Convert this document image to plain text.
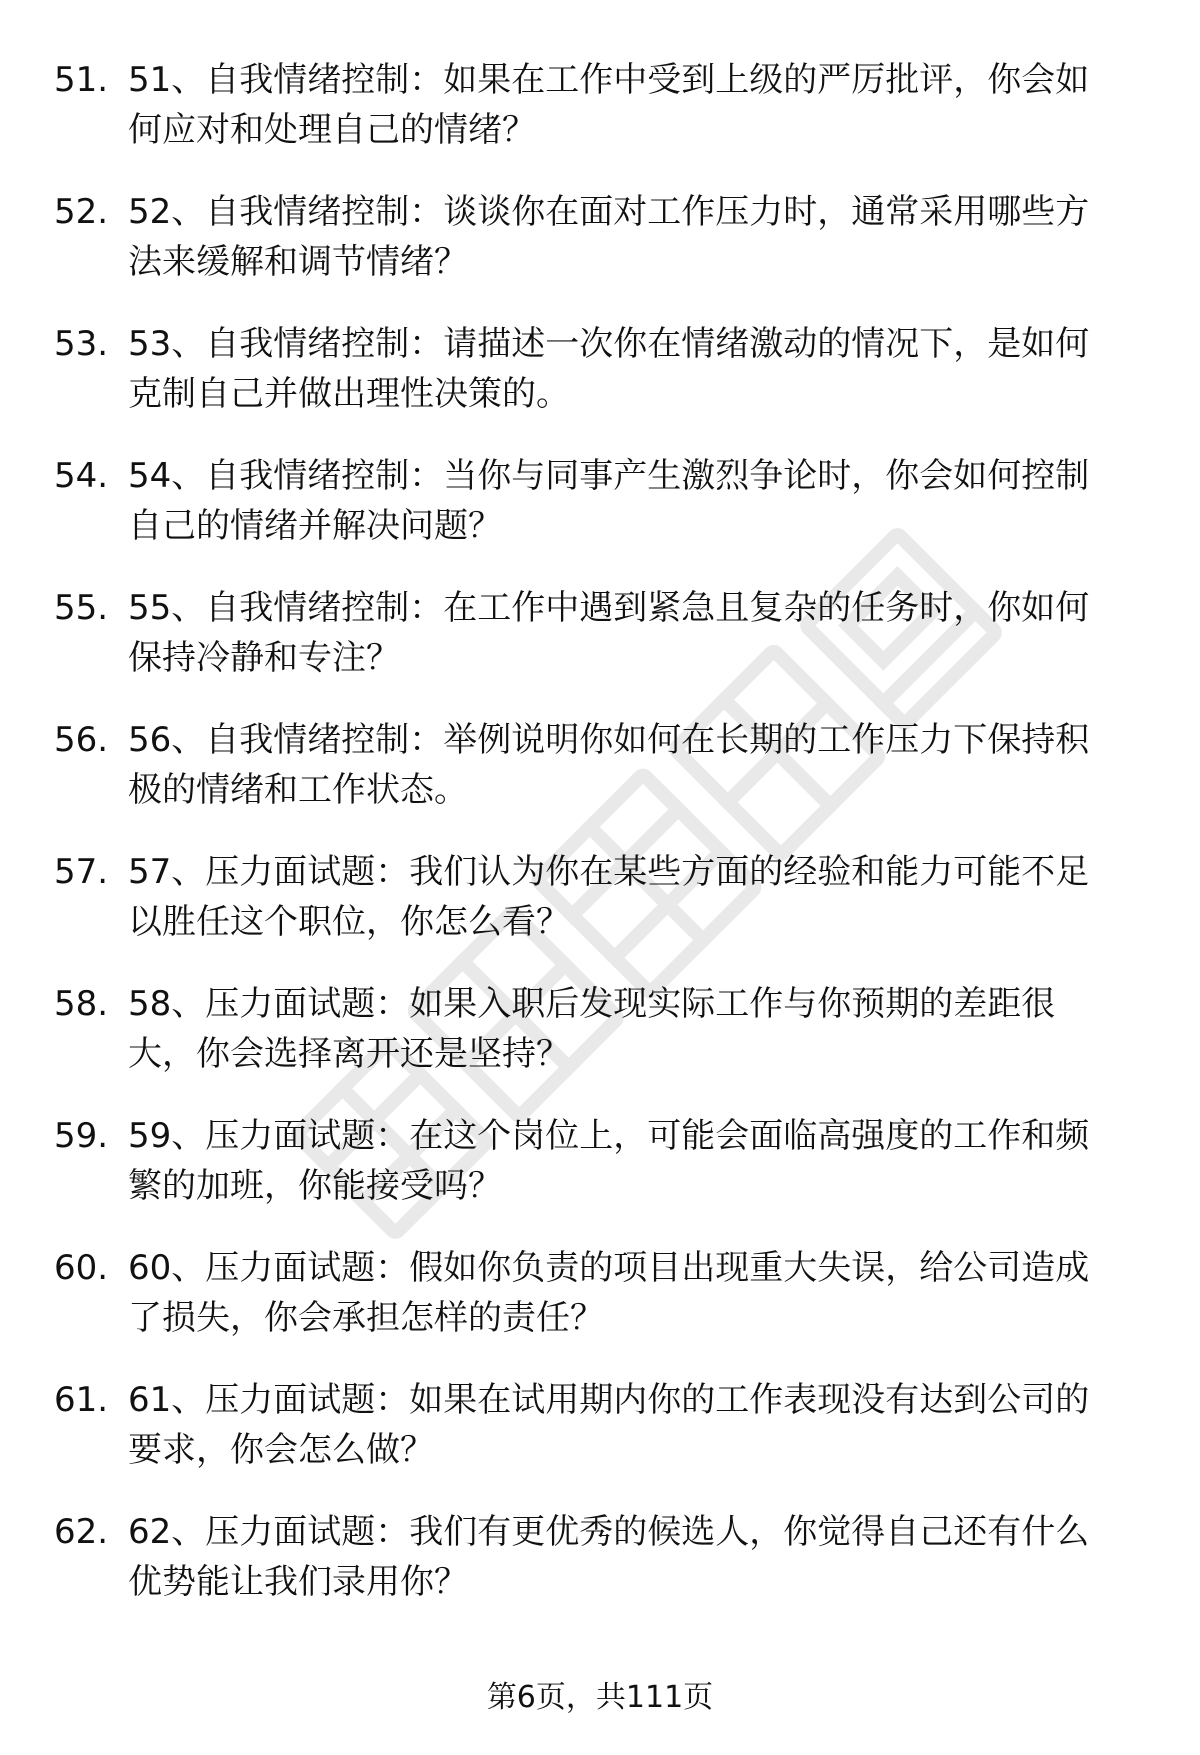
51. 51、自我情绪控制：如果在工作中受到上级的严厉批评，你会如
何应对和处理自己的情绪？

52. 52、自我情绪控制：谈谈你在面对工作压力时，通常采用哪些方
法来缓解和调节情绪？

53. 53、自我情绪控制：请描述一次你在情绪激动的情况下，是如何
克制自己并做出理性决策的。

54. 54、自我情绪控制：当你与同事产生激烈争论时，你会如何控制
自己的情绪并解决问题？

55. 55、自我情绪控制：在工作中遇到紧急且复杂的任务时，你如何
保持冷静和专注？

56. 56、自我情绪控制：举例说明你如何在长期的工作压力下保持积
极的情绪和工作状态。

57. 57、压力面试题：我们认为你在某些方面的经验和能力可能不足
以胜任这个职位，你怎么看？

58. 58、压力面试题：如果入职后发现实际工作与你预期的差距很
大，你会选择离开还是坚持？

59. 59、压力面试题：在这个岗位上，可能会面临高强度的工作和频
繁的加班，你能接受吗？

60. 60、压力面试题：假如你负责的项目出现重大失误，给公司造成
了损失，你会承担怎样的责任？

61. 61、压力面试题：如果在试用期内你的工作表现没有达到公司的
要求，你会怎么做？

62. 62、压力面试题：我们有更优秀的候选人，你觉得自己还有什么
优势能让我们录用你？

第6页，共111页
